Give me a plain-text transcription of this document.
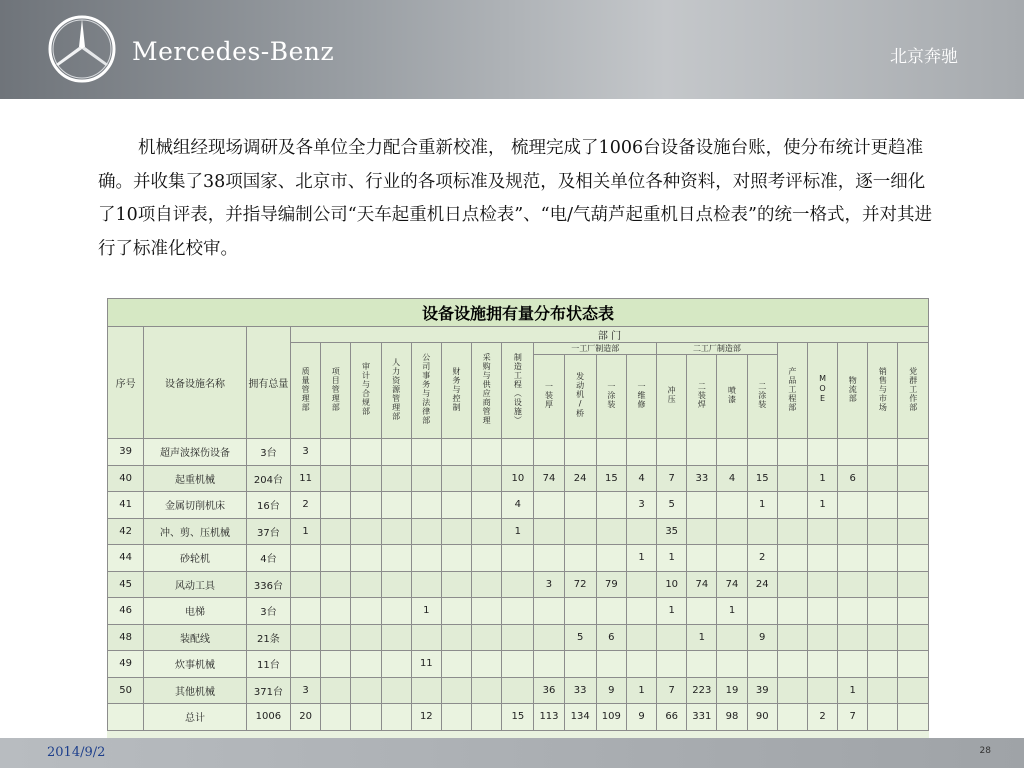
Mercedes-Benz	北京奔驰
机械组经现场调研及各单位全力配合重新校准， 梳理完成了1006台设备设施台账，使分布统计更趋准确。并收集了38项国家、北京市、行业的各项标准及规范，及相关单位各种资料，对照考评标准，逐一细化了10项自评表，并指导编制公司“天车起重机日点检表”、“电/气葫芦起重机日点检表”的统一格式，并对其进行了标准化校审。
设备设施拥有量分布状态表																							
序号	设备设施名称	拥有总量	部 门																				
			质量管理部	项目管理部	审计与合规部	人力资源管理部	公司事务与法律部	财务与控制	采购与供应商管理	制造工程（设施）	一工厂制造部				二工厂制造部				产品工程部	MOE	物流部	销售与市场	党群工作部
											一装厚	发动机/桥	一涂装	一维修	冲压	二装焊	喷漆	二涂装					
39	超声波探伤设备	3台	3																				
40	起重机械	204台	11							10	74	24	15	4	7	33	4	15		1	6		
41	金属切削机床	16台	2							4				3	5			1		1			
42	冲、剪、压机械	37台	1							1					35								
44	砂轮机	4台												1	1			2					
45	风动工具	336台									3	72	79		10	74	74	24					
46	电梯	3台					1								1		1						
48	装配线	21条										5	6			1		9					
49	炊事机械	11台					11																
50	其他机械	371台	3								36	33	9	1	7	223	19	39			1		
	总计	1006	20				12			15	113	134	109	9	66	331	98	90		2	7		
2014/9/2	28
